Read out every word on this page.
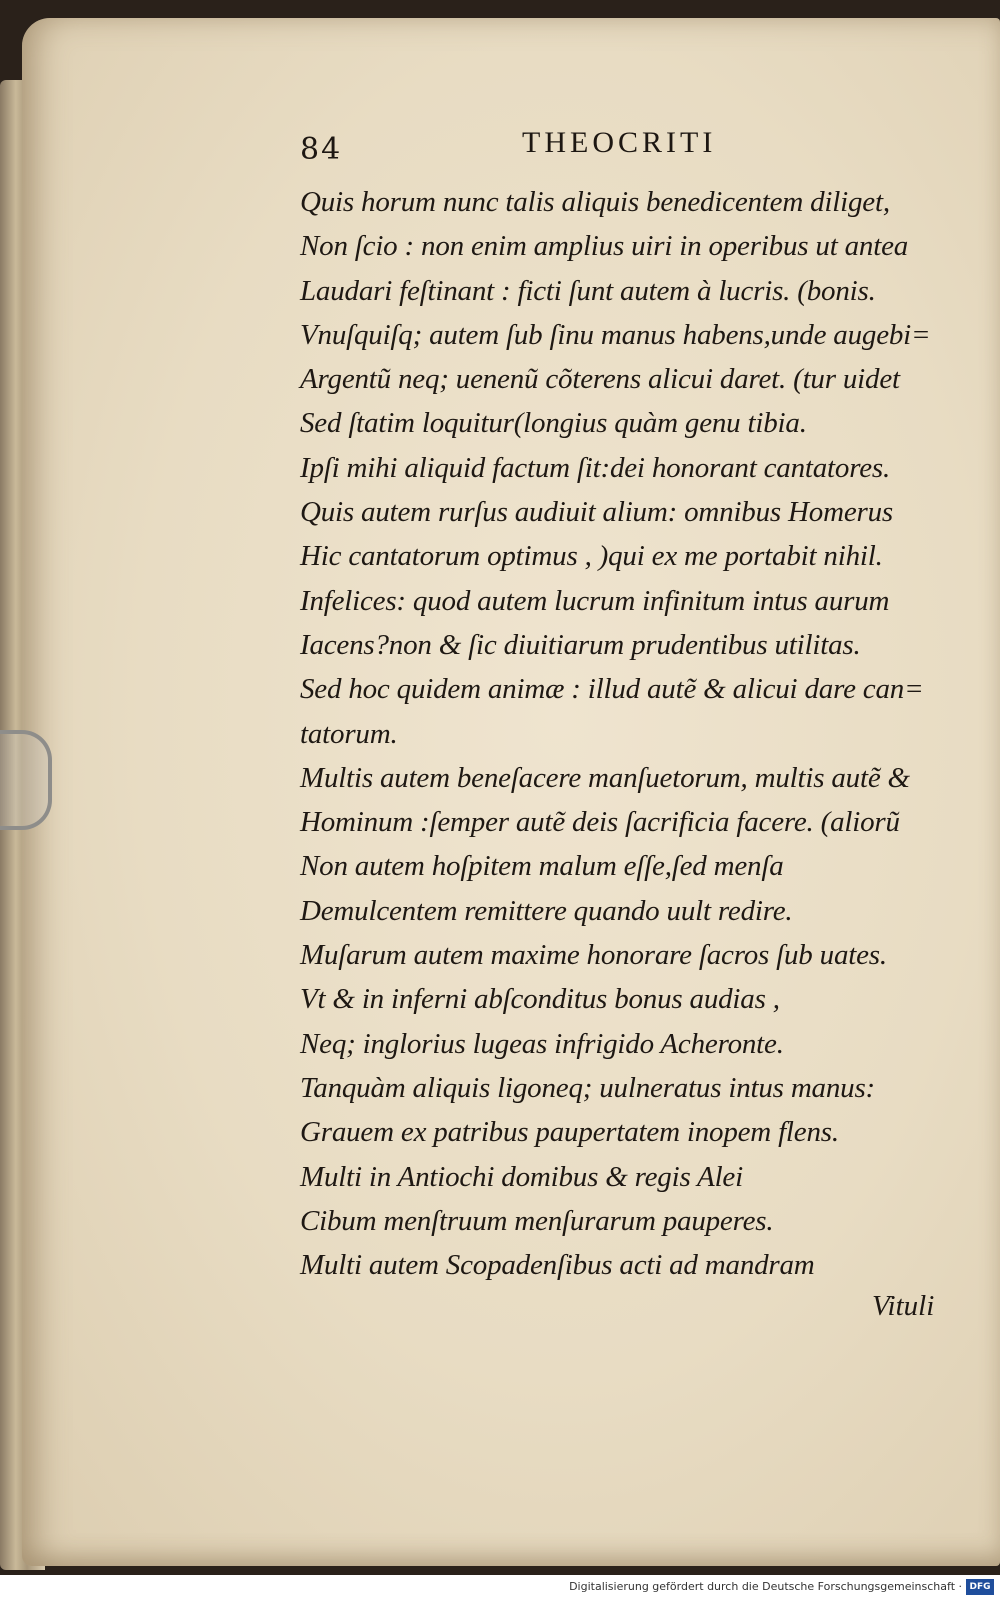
84	THEOCRITI
Quis horum nunc talis aliquis benedicentem diliget,
Non ſcio : non enim amplius uiri in operibus ut antea
Laudari feſtinant : ficti ſunt autem à lucris. (bonis.
Vnuſquiſq; autem ſub ſinu manus habens,unde augebi=
Argentũ neq; uenenũ cõterens alicui daret. (tur uidet
Sed ſtatim loquitur(longius quàm genu tibia.
Ipſi mihi aliquid factum ſit:dei honorant cantatores.
Quis autem rurſus audiuit alium: omnibus Homerus
Hic cantatorum optimus , )qui ex me portabit nihil.
Infelices: quod autem lucrum infinitum intus aurum
Iacens?non & ſic diuitiarum prudentibus utilitas.
Sed hoc quidem animæ : illud autẽ & alicui dare can=
tatorum.
Multis autem beneſacere manſuetorum, multis autẽ &
Hominum :ſemper autẽ deis ſacrificia facere. (aliorũ
Non autem hoſpitem malum eſſe,ſed menſa
Demulcentem remittere quando uult redire.
Muſarum autem maxime honorare ſacros ſub uates.
Vt & in inferni abſconditus bonus audias ,
Neq; inglorius lugeas infrigido Acheronte.
Tanquàm aliquis ligoneq; uulneratus intus manus:
Grauem ex patribus paupertatem inopem flens.
Multi in Antiochi domibus & regis Alei
Cibum menſtruum menſurarum pauperes.
Multi autem Scopadenſibus acti ad mandram
Vituli
Digitalisierung gefördert durch die Deutsche Forschungsgemeinschaft · DFG
